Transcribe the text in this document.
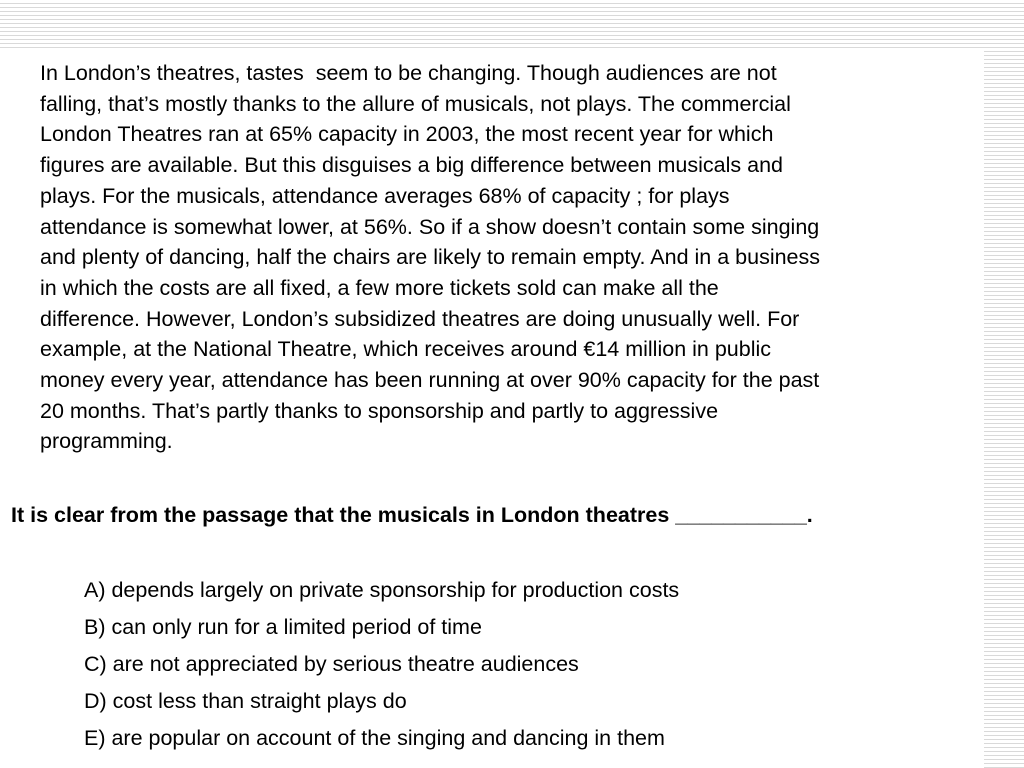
In London’s theatres, tastes  seem to be changing. Though audiences are not
falling, that’s mostly thanks to the allure of musicals, not plays. The commercial
London Theatres ran at 65% capacity in 2003, the most recent year for which
figures are available. But this disguises a big difference between musicals and
plays. For the musicals, attendance averages 68% of capacity ; for plays
attendance is somewhat lower, at 56%. So if a show doesn’t contain some singing
and plenty of dancing, half the chairs are likely to remain empty. And in a business
in which the costs are all fixed, a few more tickets sold can make all the
difference. However, London’s subsidized theatres are doing unusually well. For
example, at the National Theatre, which receives around €14 million in public
money every year, attendance has been running at over 90% capacity for the past
20 months. That’s partly thanks to sponsorship and partly to aggressive
programming.

It is clear from the passage that the musicals in London theatres ___________.

A) depends largely on private sponsorship for production costs
B) can only run for a limited period of time
C) are not appreciated by serious theatre audiences
D) cost less than straight plays do
E) are popular on account of the singing and dancing in them
